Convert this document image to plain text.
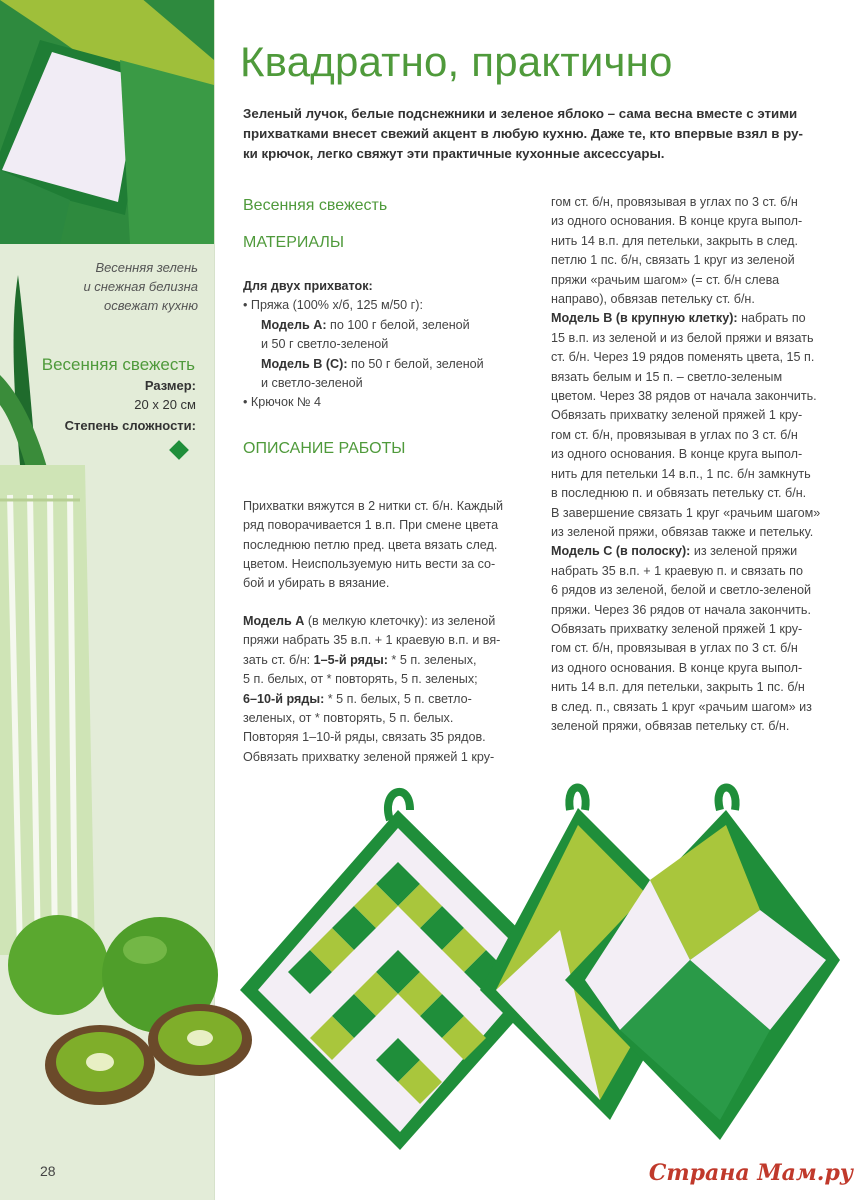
Весенняя зелень
и снежная белизна
освежат кухню
Весенняя свежесть
Размер:
20 х 20 см
Степень сложности:
Квадратно, практично
Зеленый лучок, белые подснежники и зеленое яблоко – сама весна вместе с этими
прихватками внесет свежий акцент в любую кухню. Даже те, кто впервые взял в ру-
ки крючок, легко свяжут эти практичные кухонные аксессуары.
Весенняя свежесть
МАТЕРИАЛЫ
ОПИСАНИЕ РАБОТЫ
Для двух прихваток:
• Пряжа (100% х/б, 125 м/50 г):
Модель А: по 100 г белой, зеленой
и 50 г светло-зеленой
Модель В (С): по 50 г белой, зеленой
и светло-зеленой
• Крючок № 4
Прихватки вяжутся в 2 нитки ст. б/н. Каждый
ряд поворачивается 1 в.п. При смене цвета
последнюю петлю пред. цвета вязать след.
цветом. Неиспользуемую нить вести за со-
бой и убирать в вязание.
Модель А (в мелкую клеточку): из зеленой
пряжи набрать 35 в.п. + 1 краевую в.п. и вя-
зать ст. б/н: 1–5-й ряды: * 5 п. зеленых,
5 п. белых, от * повторять, 5 п. зеленых;
6–10-й ряды: * 5 п. белых, 5 п. светло-
зеленых, от * повторять, 5 п. белых.
Повторяя 1–10-й ряды, связать 35 рядов.
Обвязать прихватку зеленой пряжей 1 кру-
гом ст. б/н, провязывая в углах по 3 ст. б/н
из одного основания. В конце круга выпол-
нить 14 в.п. для петельки, закрыть в след.
петлю 1 пс. б/н, связать 1 круг из зеленой
пряжи «рачьим шагом» (= ст. б/н слева
направо), обвязав петельку ст. б/н.
Модель В (в крупную клетку): набрать по
15 в.п. из зеленой и из белой пряжи и вязать
ст. б/н. Через 19 рядов поменять цвета, 15 п.
вязать белым и 15 п. – светло-зеленым
цветом. Через 38 рядов от начала закончить.
Обвязать прихватку зеленой пряжей 1 кру-
гом ст. б/н, провязывая в углах по 3 ст. б/н
из одного основания. В конце круга выпол-
нить для петельки 14 в.п., 1 пс. б/н замкнуть
в последнюю п. и обвязать петельку ст. б/н.
В завершение связать 1 круг «рачьим шагом»
из зеленой пряжи, обвязав также и петельку.
Модель С (в полоску): из зеленой пряжи
набрать 35 в.п. + 1 краевую п. и связать по
6 рядов из зеленой, белой и светло-зеленой
пряжи. Через 36 рядов от начала закончить.
Обвязать прихватку зеленой пряжей 1 кру-
гом ст. б/н, провязывая в углах по 3 ст. б/н
из одного основания. В конце круга выпол-
нить 14 в.п. для петельки, закрыть 1 пс. б/н
в след. п., связать 1 круг «рачьим шагом» из
зеленой пряжи, обвязав петельку ст. б/н.
28	Страна Мам.ру
